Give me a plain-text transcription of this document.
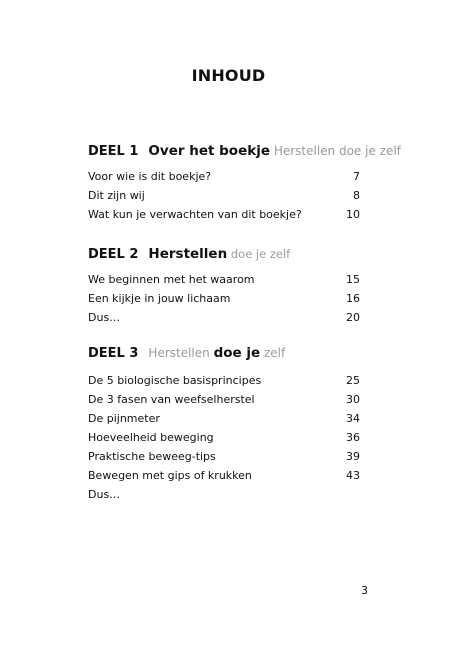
INHOUD
DEEL 1 Over het boekje Herstellen doe je zelf
Voor wie is dit boekje?	7
Dit zijn wij	8
Wat kun je verwachten van dit boekje?	10
DEEL 2 Herstellen doe je zelf
We beginnen met het waarom	15
Een kijkje in jouw lichaam	16
Dus…	20
DEEL 3 Herstellen doe je zelf
De 5 biologische basisprincipes	25
De 3 fasen van weefselherstel	30
De pijnmeter	34
Hoeveelheid beweging	36
Praktische beweeg-tips	39
Bewegen met gips of krukken	43
Dus…
3
